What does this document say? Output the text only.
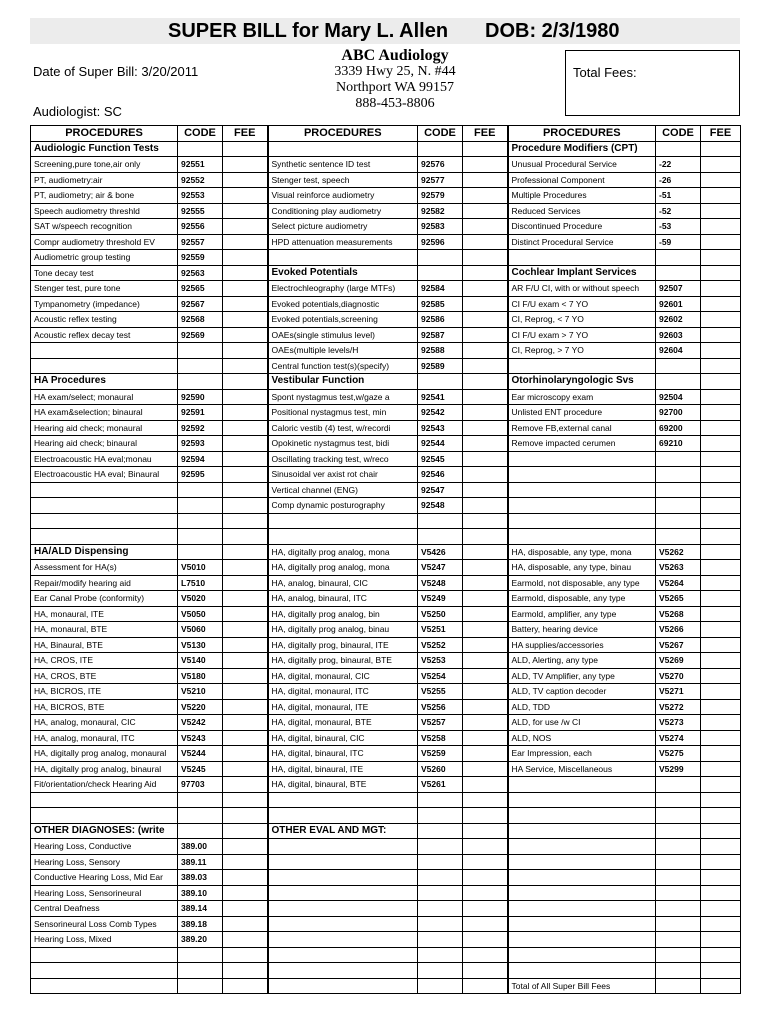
SUPER BILL for Mary L. Allen DOB: 2/3/1980
Date of Super Bill: 3/20/2011
Audiologist: SC
ABC Audiology
3339 Hwy 25, N. #44
Northport WA 99157
888-453-8806
Total Fees:
PROCEDURES	CODE	FEE	PROCEDURES	CODE	FEE	PROCEDURES	CODE	FEE
Audiologic Function Tests						Procedure Modifiers (CPT)		
Screening,pure tone,air only	92551		Synthetic sentence ID test	92576		Unusual Procedural Service	-22	
PT, audiometry:air	92552		Stenger test, speech	92577		Professional Component	-26	
PT, audiometry; air & bone	92553		Visual reinforce audiometry	92579		Multiple Procedures	-51	
Speech audiometry threshld	92555		Conditioning play audiometry	92582		Reduced Services	-52	
SAT w/speech recognition	92556		Select picture audiometry	92583		Discontinued Procedure	-53	
Compr audiometry threshold EV	92557		HPD attenuation measurements	92596		Distinct Procedural Service	-59	
Audiometric group testing	92559							
Tone decay test	92563		Evoked Potentials			Cochlear Implant Services		
Stenger test, pure tone	92565		Electrochleography (large MTFs)	92584		AR F/U CI, with or without speech	92507	
Tympanometry (impedance)	92567		Evoked potentials,diagnostic	92585		CI F/U exam < 7 YO	92601	
Acoustic reflex testing	92568		Evoked potentials,screening	92586		CI, Reprog, < 7 YO	92602	
Acoustic reflex decay test	92569		OAEs(single stimulus level)	92587		CI F/U exam > 7 YO	92603	
			OAEs(multiple levels/H	92588		CI, Reprog, > 7 YO	92604	
			Central function test(s)(specify)	92589				
HA Procedures			Vestibular Function			Otorhinolaryngologic Svs		
HA exam/select; monaural	92590		Spont nystagmus test,w/gaze a	92541		Ear microscopy exam	92504	
HA exam&selection; binaural	92591		Positional nystagmus test, min	92542		Unlisted ENT procedure	92700	
Hearing aid check; monaural	92592		Caloric vestib (4) test, w/recordi	92543		Remove FB,external canal	69200	
Hearing aid check; binaural	92593		Opokinetic nystagmus test, bidi	92544		Remove impacted cerumen	69210	
Electroacoustic HA eval;monau	92594		Oscillating tracking test, w/reco	92545				
Electroacoustic HA eval; Binaural	92595		Sinusoidal ver axist rot chair	92546				
			Vertical channel (ENG)	92547				
			Comp dynamic posturography	92548				

HA/ALD Dispensing			HA, digitally prog analog, mona	V5426		HA, disposable, any type, mona	V5262	
Assessment for HA(s)	V5010		HA, digitally prog analog, mona	V5247		HA, disposable, any type, binau	V5263	
Repair/modify hearing aid	L7510		HA, analog, binaural, CIC	V5248		Earmold, not disposable, any type	V5264	
Ear Canal Probe (conformity)	V5020		HA, analog, binaural, ITC	V5249		Earmold, disposable, any type	V5265	
HA, monaural, ITE	V5050		HA, digitally prog analog, bin	V5250		Earmold, amplifier, any type	V5268	
HA, monaural, BTE	V5060		HA, digitally prog analog, binau	V5251		Battery, hearing device	V5266	
HA, Binaural, BTE	V5130		HA, digitally prog, binaural, ITE	V5252		HA supplies/accessories	V5267	
HA, CROS, ITE	V5140		HA, digitally prog, binaural, BTE	V5253		ALD, Alerting, any type	V5269	
HA, CROS, BTE	V5180		HA, digital, monaural, CIC	V5254		ALD, TV Amplifier, any type	V5270	
HA, BICROS, ITE	V5210		HA, digital, monaural, ITC	V5255		ALD, TV caption decoder	V5271	
HA, BICROS, BTE	V5220		HA, digital, monaural, ITE	V5256		ALD, TDD	V5272	
HA, analog, monaural, CIC	V5242		HA, digital, monaural, BTE	V5257		ALD, for use /w CI	V5273	
HA, analog, monaural, ITC	V5243		HA, digital, binaural, CIC	V5258		ALD, NOS	V5274	
HA, digitally prog analog, monaural	V5244		HA, digital, binaural, ITC	V5259		Ear Impression, each	V5275	
HA, digitally prog analog, binaural	V5245		HA, digital, binaural, ITE	V5260		HA Service, Miscellaneous	V5299	
Fit/orientation/check Hearing Aid	97703		HA, digital, binaural, BTE	V5261				

OTHER DIAGNOSES: (write			OTHER EVAL AND MGT:					
Hearing Loss, Conductive	389.00							
Hearing Loss, Sensory	389.11							
Conductive Hearing Loss, Mid Ear	389.03							
Hearing Loss, Sensorineural	389.10							
Central Deafness	389.14							
Sensorineural Loss Comb Types	389.18							
Hearing Loss, Mixed	389.20							

						Total of All Super Bill Fees		
